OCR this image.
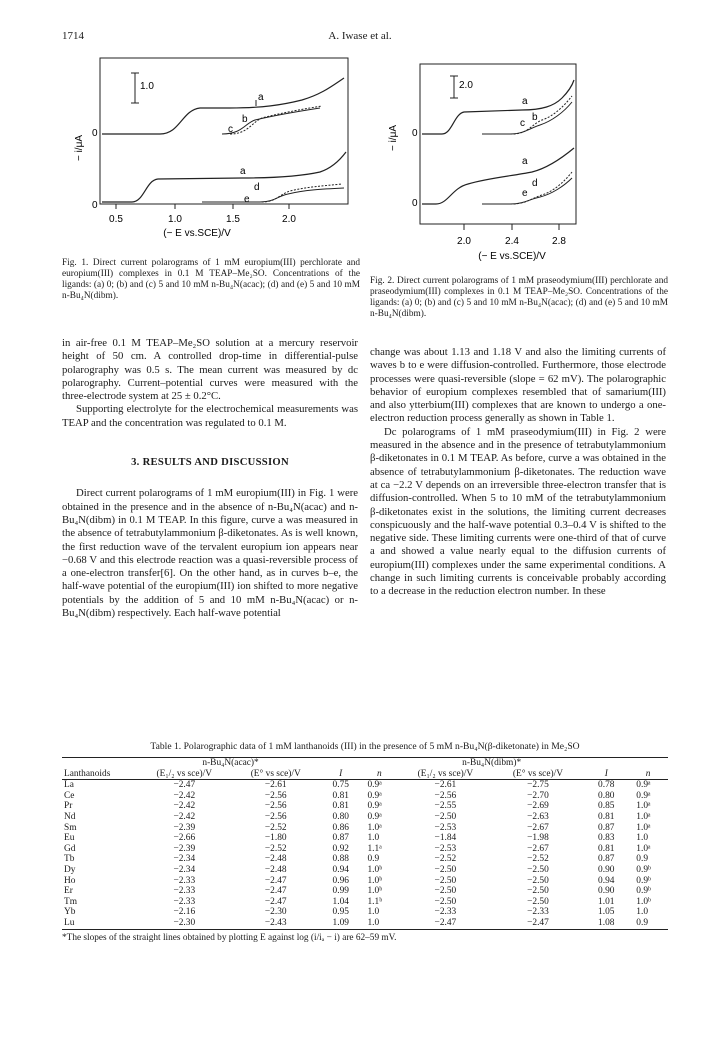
1714	A. Iwase et al.
1.0
− i/μA
0
0
a
b
c
a
d
e
0.5	1.0	1.5	2.0
(− E vs.SCE)/V

Fig. 1. Direct current polarograms of 1 mM europium(III) perchlorate and europium(III) complexes in 0.1 M TEAP–Me₂SO. Concentrations of the ligands: (a) 0; (b) and (c) 5 and 10 mM n-Bu₄N(acac); (d) and (e) 5 and 10 mM n-Bu₄N(dibm).

2.0
− i/μA 0
0
a
b
c
a
d
e
2.0	2.4	2.8
(− E vs.SCE)/V

Fig. 2. Direct current polarograms of 1 mM praseodymium(III) perchlorate and praseodymium(III) complexes in 0.1 M TEAP–Me₂SO. Concentrations of the ligands: (a) 0; (b) and (c) 5 and 10 mM n-Bu₄N(acac); (d) and (e) 5 and 10 mM n-Bu₄N(dibm).

in air-free 0.1 M TEAP–Me₂SO solution at a mercury reservoir height of 50 cm. A controlled drop-time in differential-pulse polarography was 0.5 s. The mean current was measured by dc polarography. Current–potential curves were measured with the three-electrode system at 25 ± 0.2°C.

Supporting electrolyte for the electrochemical measurements was TEAP and the concentration was regulated to 0.1 M.

3. RESULTS AND DISCUSSION

Direct current polarograms of 1 mM europium(III) in Fig. 1 were obtained in the presence and in the absence of n-Bu₄N(acac) and n-Bu₄N(dibm) in 0.1 M TEAP. In this figure, curve a was measured in the absence of tetrabutylammonium β-diketonates. As is well known, the first reduction wave of the tervalent europium ion appears near −0.68 V and this electrode reaction was a quasi-reversible process of a one-electron transfer[6]. On the other hand, as in curves b–e, the half-wave potential of the europium(III) ion shifted to more negative potentials by the addition of 5 and 10 mM n-Bu₄N(acac) or n-Bu₄N(dibm) respectively. Each half-wave potential

change was about 1.13 and 1.18 V and also the limiting currents of waves b to e were diffusion-controlled. Furthermore, those electrode processes were quasi-reversible (slope = 62 mV). The polarographic behavior of europium complexes resembled that of samarium(III) and also ytterbium(III) complexes that are known to undergo a one-electron reduction process generally as shown in Table 1.

Dc polarograms of 1 mM praseodymium(III) in Fig. 2 were measured in the absence and in the presence of tetrabutylammonium β-diketonates in 0.1 M TEAP. As before, curve a was obtained in the absence of tetrabutylammonium β-diketonates. The reduction wave at ca −2.2 V depends on an irreversible three-electron transfer that is diffusion-controlled. When 5 to 10 mM of the tetrabutylammonium β-diketonates exist in the solutions, the limiting current decreases conspicuously and the half-wave potential 0.3–0.4 V is shifted to the negative side. These limiting currents were one-third of that of curve a and showed a value nearly equal to the diffusion currents of europium(III) complexes under the same experimental conditions. A change in such limiting currents is conceivable probably according to a decrease in the reduction electron number. In these

Table 1. Polarographic data of 1 mM lanthanoids (III) in the presence of 5 mM n-Bu₄N(β-diketonate) in Me₂SO
	n-Bu₄N(acac)*				n-Bu₄N(dibm)*			
Lanthanoids	(E₁/₂ vs sce)/V	(E° vs sce)/V	I	n	(E₁/₂ vs sce)/V	(E° vs sce)/V	I	n
La	−2.47	−2.61	0.75	0.9ᵃ	−2.61	−2.75	0.78	0.9ᵃ
Ce	−2.42	−2.56	0.81	0.9ᵃ	−2.56	−2.70	0.80	0.9ᵃ
Pr	−2.42	−2.56	0.81	0.9ᵃ	−2.55	−2.69	0.85	1.0ᵃ
Nd	−2.42	−2.56	0.80	0.9ᵃ	−2.50	−2.63	0.81	1.0ᵃ
Sm	−2.39	−2.52	0.86	1.0ᵃ	−2.53	−2.67	0.87	1.0ᵃ
Eu	−2.66	−1.80	0.87	1.0	−1.84	−1.98	0.83	1.0
Gd	−2.39	−2.52	0.92	1.1ᵃ	−2.53	−2.67	0.81	1.0ᵃ
Tb	−2.34	−2.48	0.88	0.9	−2.52	−2.52	0.87	0.9
Dy	−2.34	−2.48	0.94	1.0ᵇ	−2.50	−2.50	0.90	0.9ᵇ
Ho	−2.33	−2.47	0.96	1.0ᵇ	−2.50	−2.50	0.94	0.9ᵇ
Er	−2.33	−2.47	0.99	1.0ᵇ	−2.50	−2.50	0.90	0.9ᵇ
Tm	−2.33	−2.47	1.04	1.1ᵇ	−2.50	−2.50	1.01	1.0ᵇ
Yb	−2.16	−2.30	0.95	1.0	−2.33	−2.33	1.05	1.0
Lu	−2.30	−2.43	1.09	1.0	−2.47	−2.47	1.08	0.9
*The slopes of the straight lines obtained by plotting E against log (i/iₐ − i) are 62–59 mV.
